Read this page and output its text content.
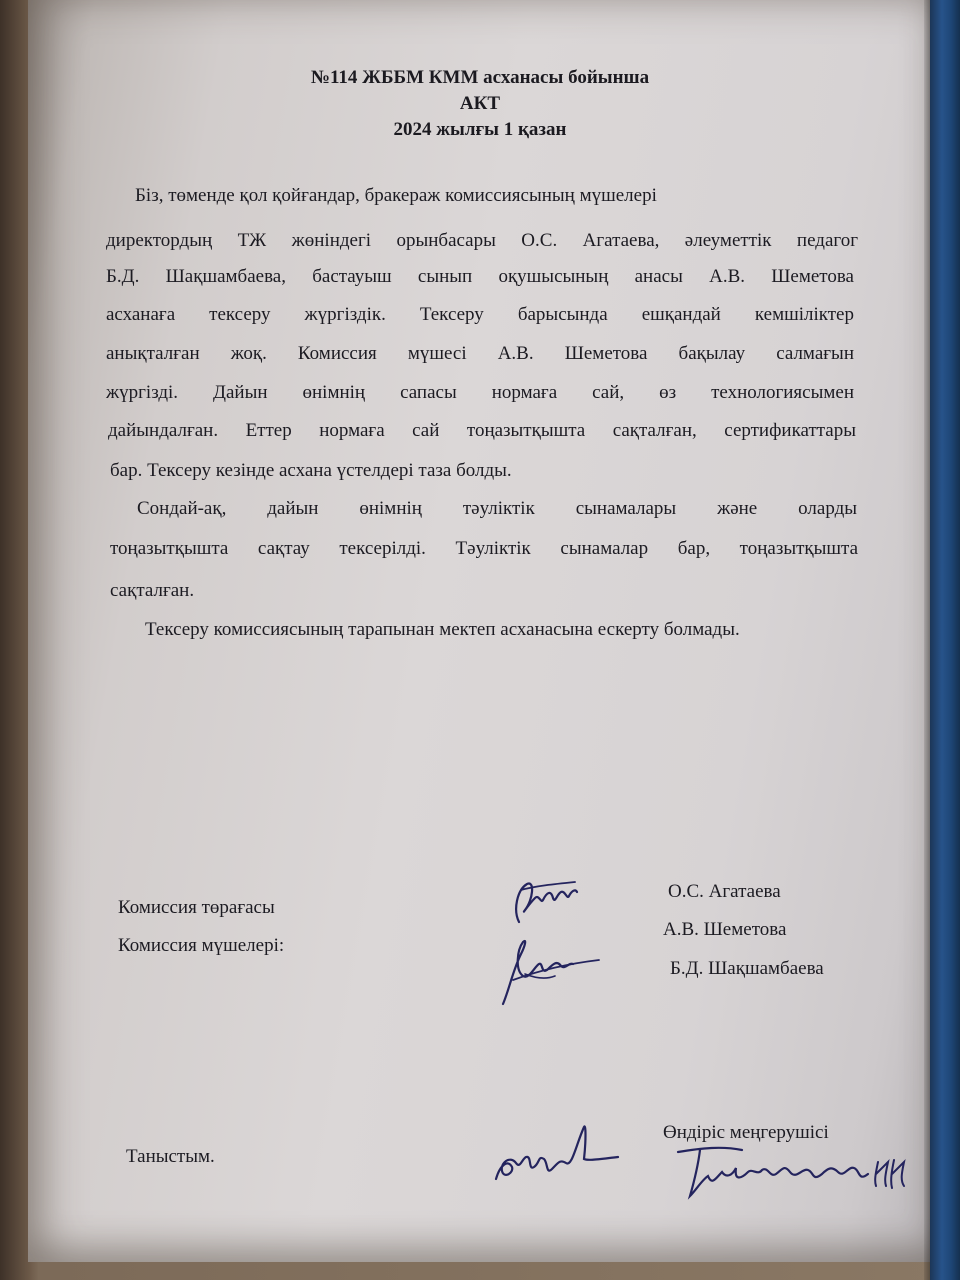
№114 ЖББМ КММ асханасы бойынша
АКТ
2024 жылғы 1 қазан
Біз, төменде қол қойғандар, бракераж комиссиясының мүшелері
директордың ТЖ жөніндегі орынбасары О.С. Агатаева, әлеуметтік педагог
Б.Д. Шақшамбаева, бастауыш сынып оқушысының анасы А.В. Шеметова
асханаға тексеру жүргіздік. Тексеру барысында ешқандай кемшіліктер
анықталған жоқ. Комиссия мүшесі А.В. Шеметова бақылау салмағын
жүргізді. Дайын өнімнің сапасы нормаға сай, өз технологиясымен
дайындалған. Еттер нормаға сай тоңазытқышта сақталған, сертификаттары
бар. Тексеру кезінде асхана үстелдері таза болды.
Сондай-ақ, дайын өнімнің тәуліктік сынамалары және оларды
тоңазытқышта сақтау тексерілді. Тәуліктік сынамалар бар, тоңазытқышта
сақталған.
Тексеру комиссиясының тарапынан мектеп асханасына ескерту болмады.
Комиссия төрағасы
Комиссия мүшелері:
О.С. Агатаева
А.В. Шеметова
Б.Д. Шақшамбаева
Таныстым.
Өндіріс меңгерушісі
